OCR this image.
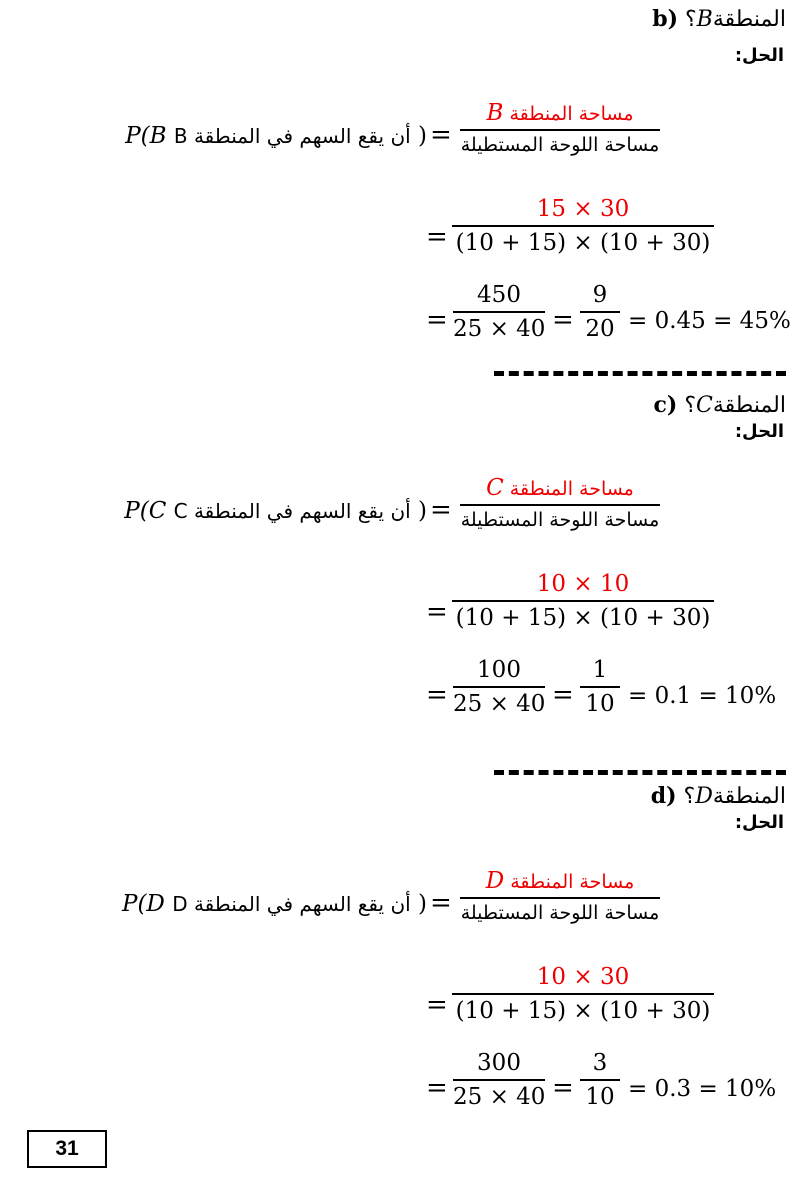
b) المنطقةB؟
الحل:
P(B أن يقع السهم في المنطقة B ) =
مساحة المنطقة B
مساحة اللوحة المستطيلة
=
15 × 30
(10 + 15) × (10 + 30)
=
450
25 × 40 =
9
20 = 0.45 = 45%
c) المنطقةC؟
الحل:
P(C أن يقع السهم في المنطقة C ) =
مساحة المنطقة C
مساحة اللوحة المستطيلة
=
10 × 10
(10 + 15) × (10 + 30)
=
100
25 × 40 =
1
10 = 0.1 = 10%
d) المنطقةD؟
الحل:
P(D أن يقع السهم في المنطقة D ) =
مساحة المنطقة D
مساحة اللوحة المستطيلة
=
10 × 30
(10 + 15) × (10 + 30)
=
300
25 × 40 =
3
10 = 0.3 = 10%
31
